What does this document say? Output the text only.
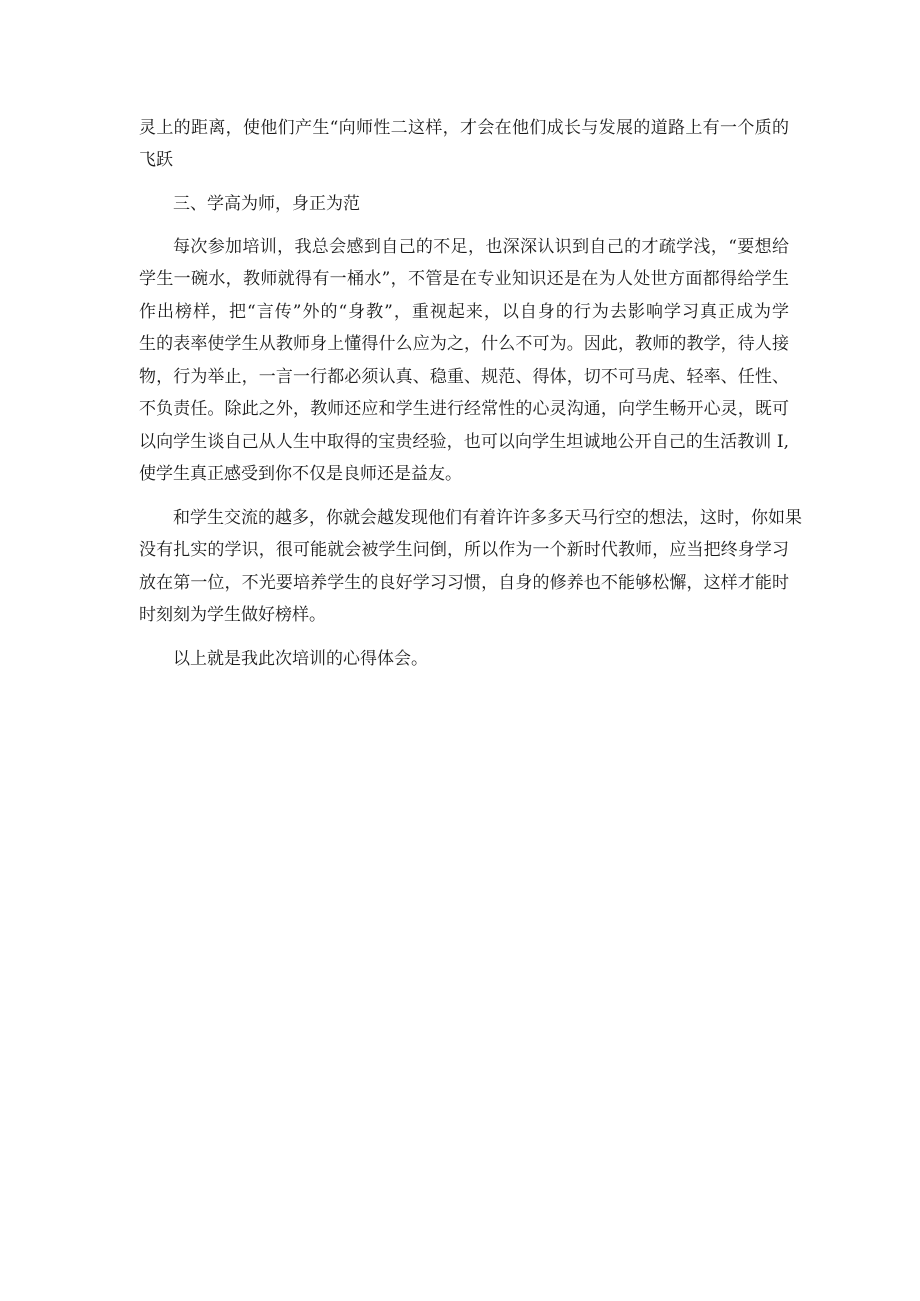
灵上的距离，使他们产生“向师性二这样，才会在他们成长与发展的道路上有一个质的
飞跃
三、学高为师，身正为范
每次参加培训，我总会感到自己的不足，也深深认识到自己的才疏学浅，“要想给
学生一碗水，教师就得有一桶水”，不管是在专业知识还是在为人处世方面都得给学生
作出榜样，把“言传”外的“身教”，重视起来，以自身的行为去影响学习真正成为学
生的表率使学生从教师身上懂得什么应为之，什么不可为。因此，教师的教学，待人接
物，行为举止，一言一行都必须认真、稳重、规范、得体，切不可马虎、轻率、任性、
不负责任。除此之外，教师还应和学生进行经常性的心灵沟通，向学生畅开心灵，既可
以向学生谈自己从人生中取得的宝贵经验，也可以向学生坦诚地公开自己的生活教训 I,
使学生真正感受到你不仅是良师还是益友。
和学生交流的越多，你就会越发现他们有着许许多多天马行空的想法，这时，你如果
没有扎实的学识，很可能就会被学生问倒，所以作为一个新时代教师，应当把终身学习
放在第一位，不光要培养学生的良好学习习惯，自身的修养也不能够松懈，这样才能时
时刻刻为学生做好榜样。
以上就是我此次培训的心得体会。
